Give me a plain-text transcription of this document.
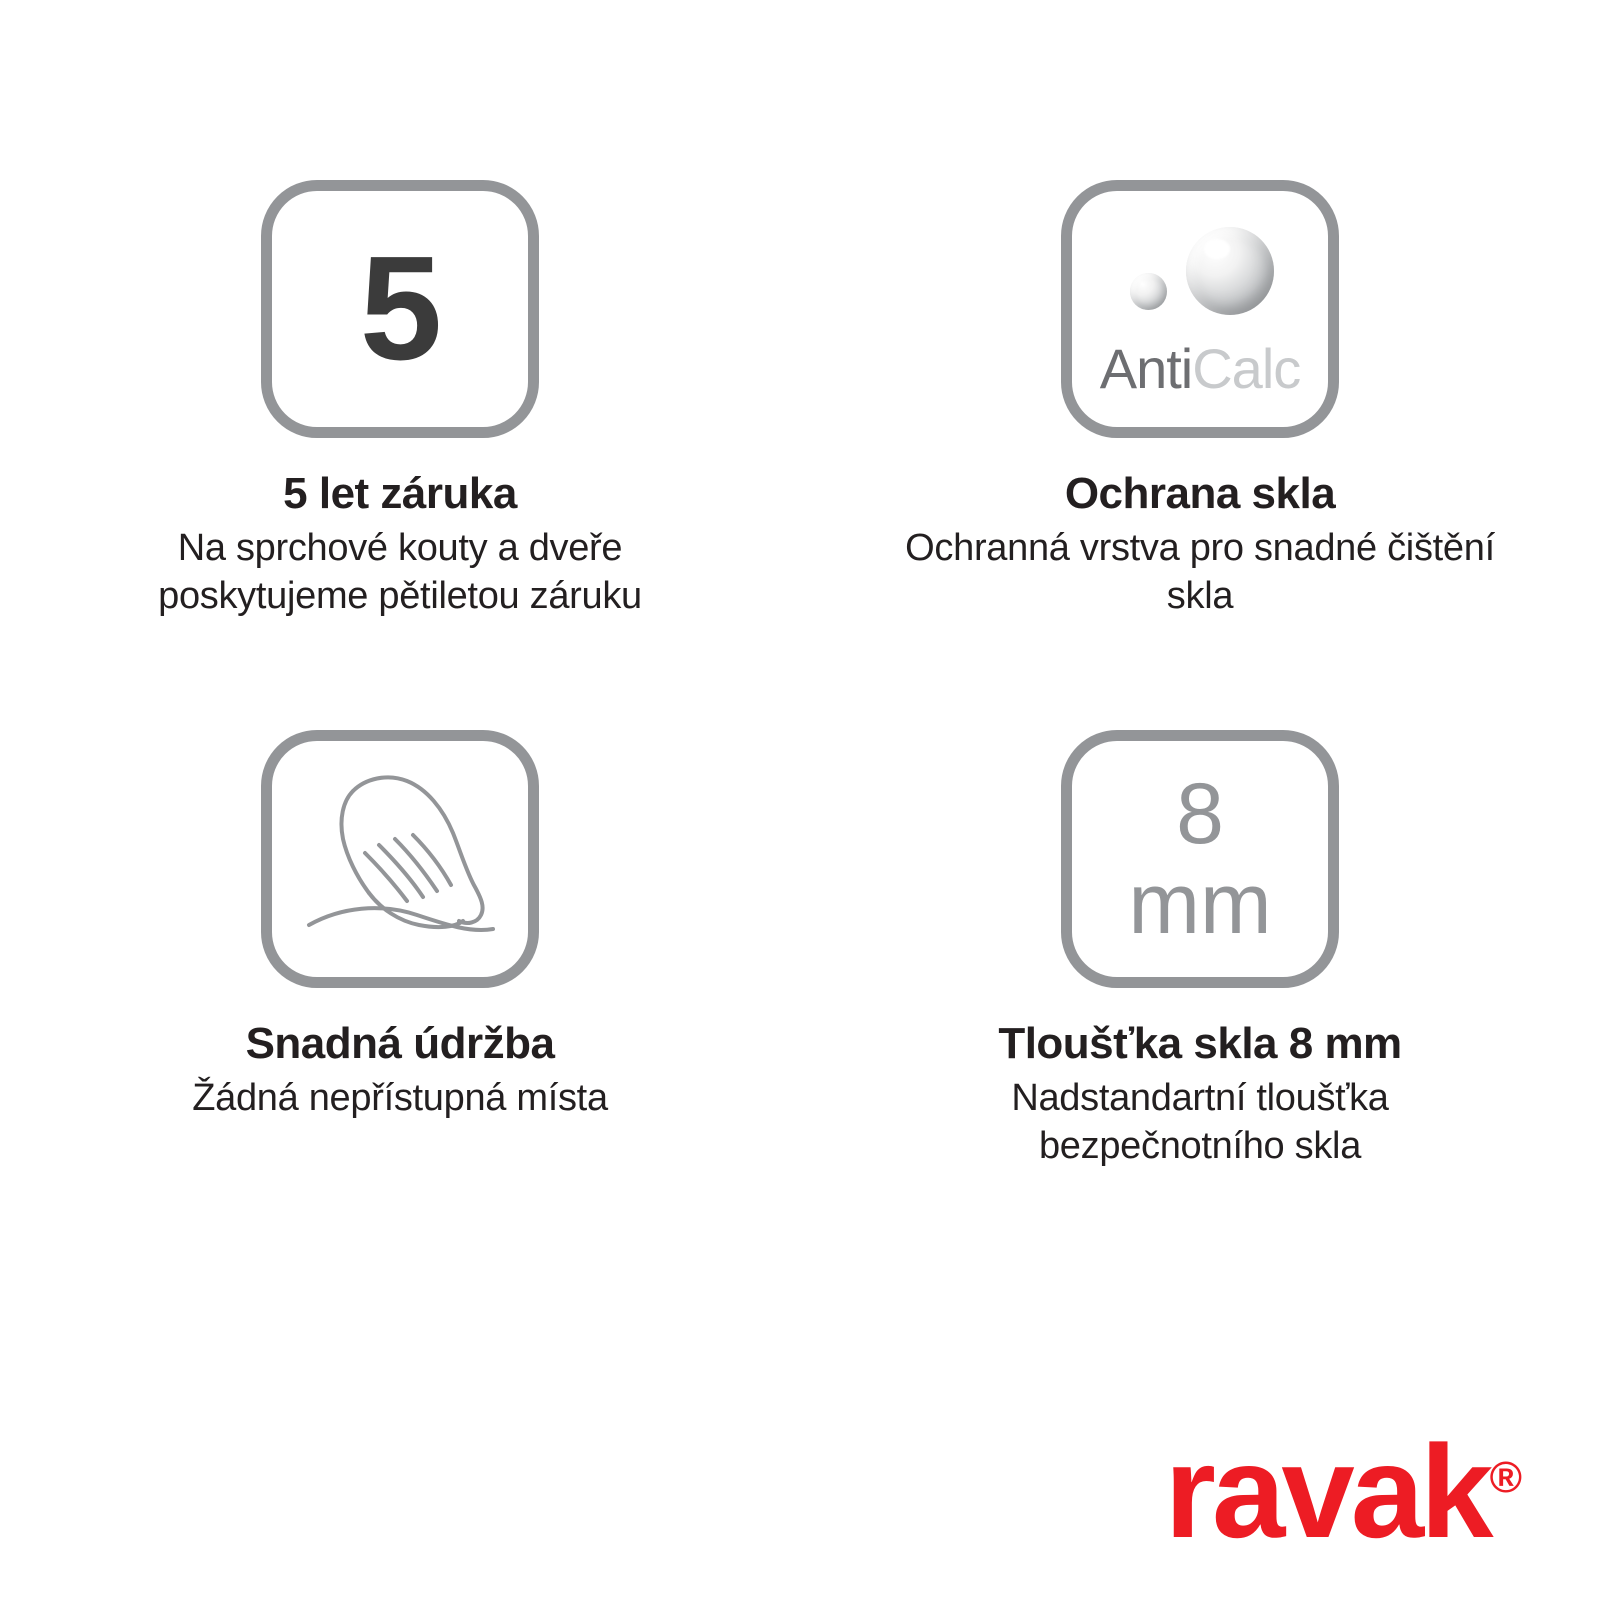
5
5 let záruka
Na sprchové kouty a dveře poskytujeme pětiletou záruku
AntiCalc
Ochrana skla
Ochranná vrstva pro snadné čištění skla
Snadná údržba
Žádná nepřístupná místa
8
mm
Tloušťka skla 8 mm
Nadstandartní tloušťka bezpečnotního skla
ravak®
